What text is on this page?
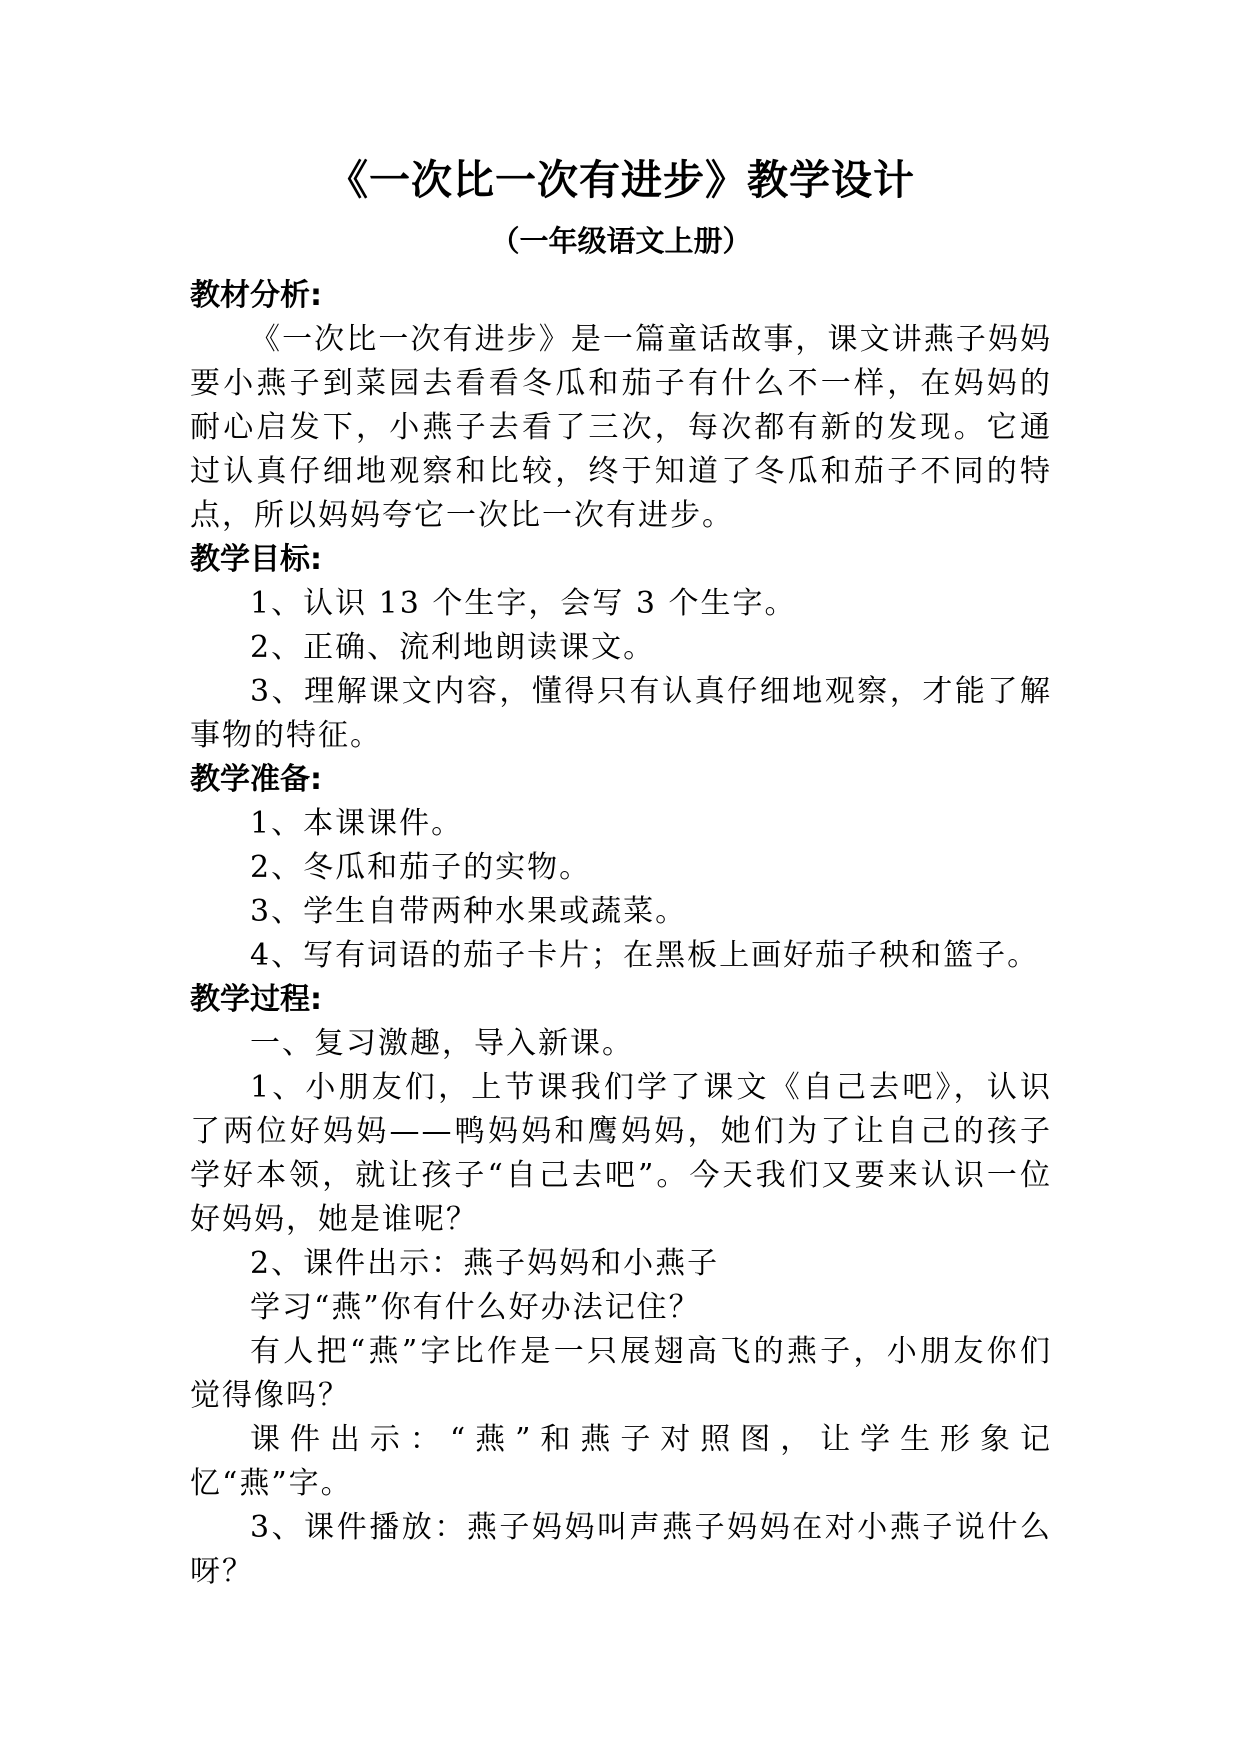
《一次比一次有进步》教学设计
（一年级语文上册）
教材分析:

《一次比一次有进步》是一篇童话故事，课文讲燕子妈妈要小燕子到菜园去看看冬瓜和茄子有什么不一样，在妈妈的耐心启发下，小燕子去看了三次，每次都有新的发现。它通过认真仔细地观察和比较，终于知道了冬瓜和茄子不同的特点，所以妈妈夸它一次比一次有进步。

教学目标:

1、认识 13 个生字，会写 3 个生字。

2、正确、流利地朗读课文。

3、理解课文内容，懂得只有认真仔细地观察，才能了解事物的特征。

教学准备:

1、本课课件。

2、冬瓜和茄子的实物。

3、学生自带两种水果或蔬菜。

4、写有词语的茄子卡片；在黑板上画好茄子秧和篮子。

教学过程:

一、复习激趣，导入新课。

1、小朋友们，上节课我们学了课文《自己去吧》，认识了两位好妈妈——鸭妈妈和鹰妈妈，她们为了让自己的孩子学好本领，就让孩子“自己去吧”。今天我们又要来认识一位好妈妈，她是谁呢？

2、课件出示：燕子妈妈和小燕子

学习“燕”你有什么好办法记住？

有人把“燕”字比作是一只展翅高飞的燕子，小朋友你们觉得像吗？

课件出示：“燕”和燕子对照图，让学生形象记忆“燕”字。

3、课件播放：燕子妈妈叫声燕子妈妈在对小燕子说什么呀？
